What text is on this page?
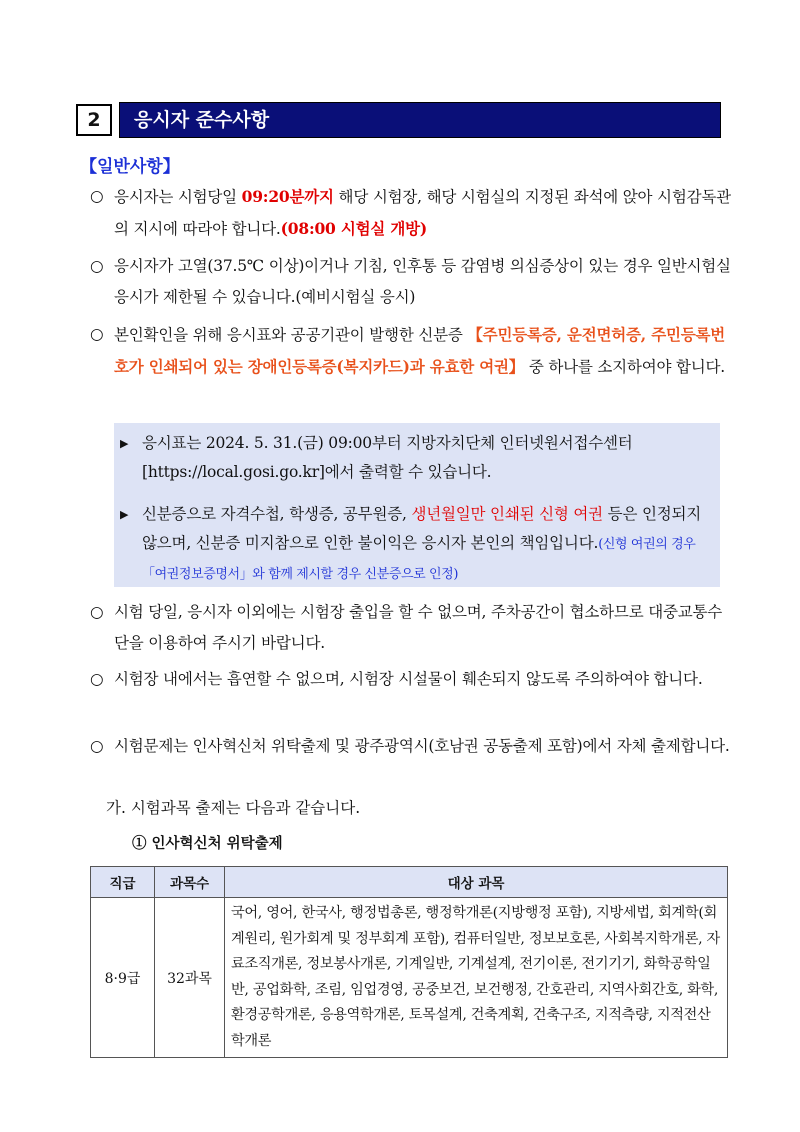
2	응시자 준수사항
【일반사항】
○ 응시자는 시험당일 09:20분까지 해당 시험장, 해당 시험실의 지정된 좌석에 앉아 시험감독관의 지시에 따라야 합니다.(08:00 시험실 개방)
○ 응시자가 고열(37.5℃ 이상)이거나 기침, 인후통 등 감염병 의심증상이 있는 경우 일반시험실 응시가 제한될 수 있습니다.(예비시험실 응시)
○ 본인확인을 위해 응시표와 공공기관이 발행한 신분증 【주민등록증, 운전면허증, 주민등록번호가 인쇄되어 있는 장애인등록증(복지카드)과 유효한 여권】 중 하나를 소지하여야 합니다.
▶ 응시표는 2024. 5. 31.(금) 09:00부터 지방자치단체 인터넷원서접수센터[https://local.gosi.go.kr]에서 출력할 수 있습니다.
▶ 신분증으로 자격수첩, 학생증, 공무원증, 생년월일만 인쇄된 신형 여권 등은 인정되지 않으며, 신분증 미지참으로 인한 불이익은 응시자 본인의 책임입니다.(신형 여권의 경우「여권정보증명서」와 함께 제시할 경우 신분증으로 인정)
○ 시험 당일, 응시자 이외에는 시험장 출입을 할 수 없으며, 주차공간이 협소하므로 대중교통수단을 이용하여 주시기 바랍니다.
○ 시험장 내에서는 흡연할 수 없으며, 시험장 시설물이 훼손되지 않도록 주의하여야 합니다.
○ 시험문제는 인사혁신처 위탁출제 및 광주광역시(호남권 공동출제 포함)에서 자체 출제합니다.
가. 시험과목 출제는 다음과 같습니다.
① 인사혁신처 위탁출제
직급	과목수	대상 과목
8·9급	32과목	국어, 영어, 한국사, 행정법총론, 행정학개론(지방행정 포함), 지방세법, 회계학(회계원리, 원가회계 및 정부회계 포함), 컴퓨터일반, 정보보호론, 사회복지학개론, 자료조직개론, 정보봉사개론, 기계일반, 기계설계, 전기이론, 전기기기, 화학공학일반, 공업화학, 조림, 임업경영, 공중보건, 보건행정, 간호관리, 지역사회간호, 화학, 환경공학개론, 응용역학개론, 토목설계, 건축계획, 건축구조, 지적측량, 지적전산학개론
